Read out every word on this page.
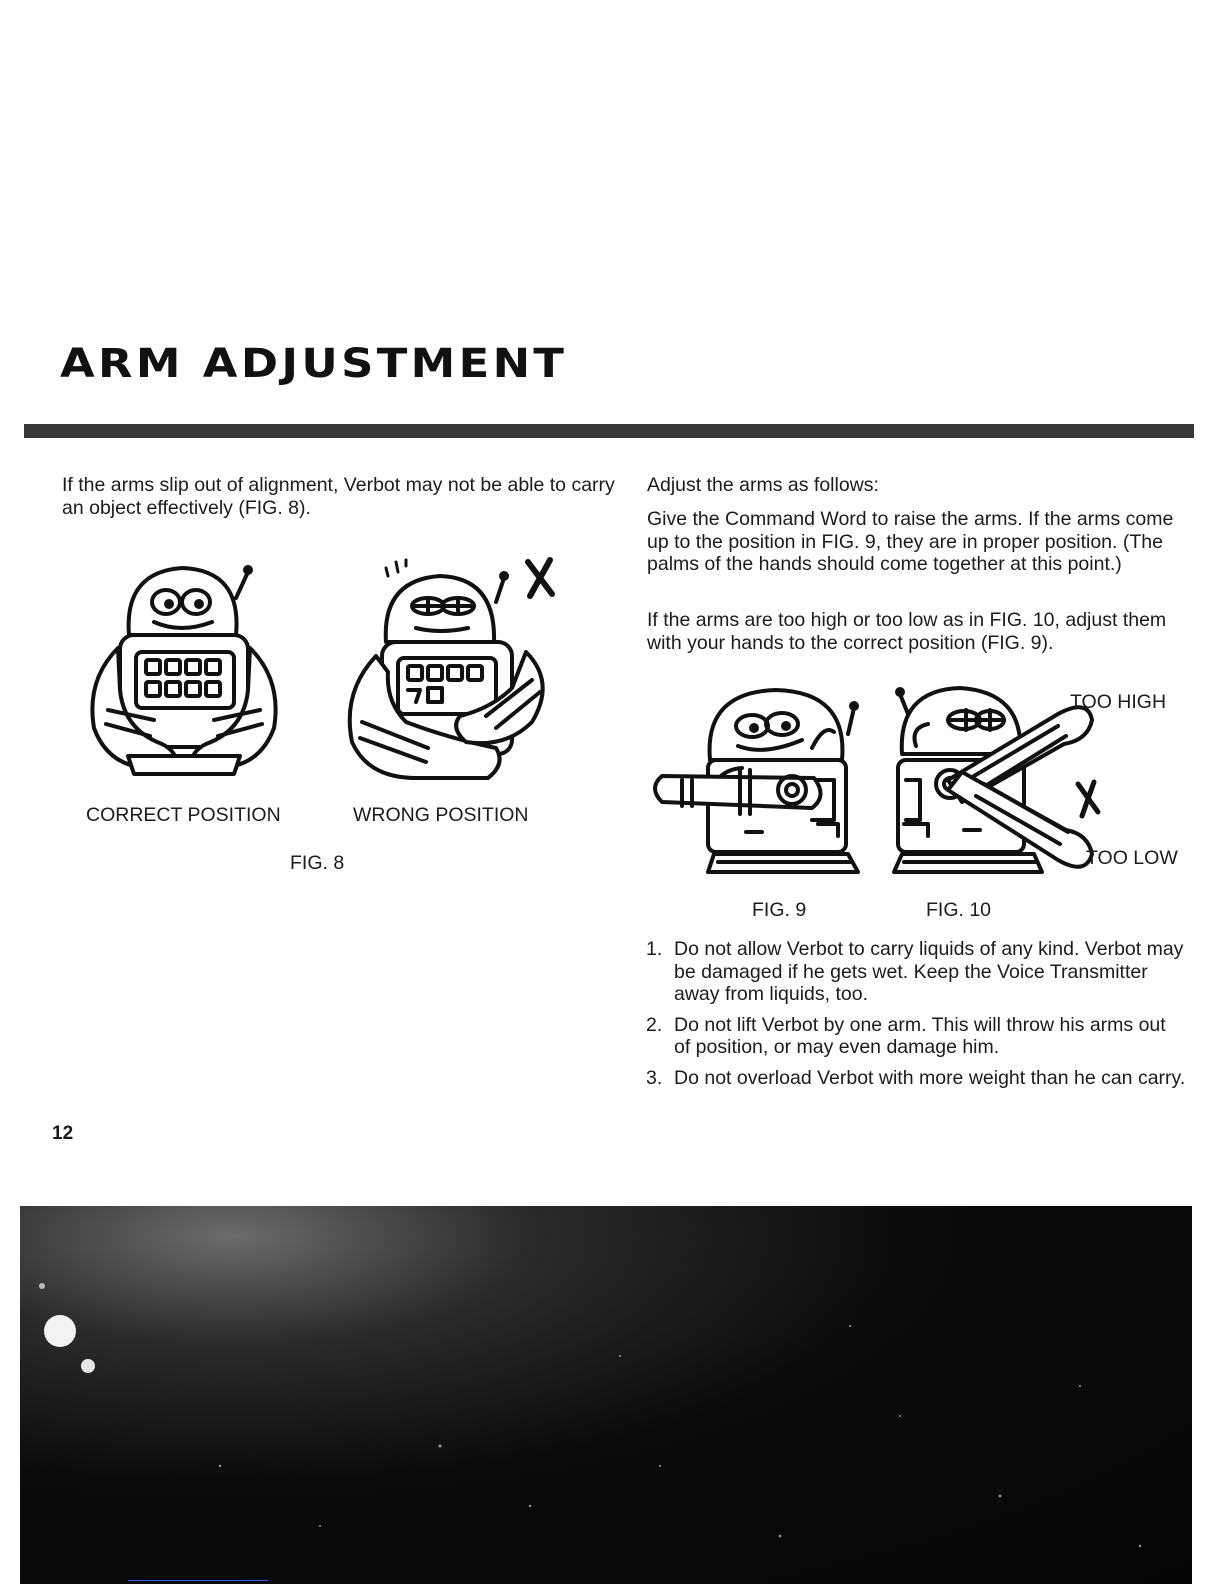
ARM ADJUSTMENT
If the arms slip out of alignment, Verbot may not be able to carry an object effectively (FIG. 8).
CORRECT POSITION	WRONG POSITION
FIG. 8
Adjust the arms as follows:
Give the Command Word to raise the arms. If the arms come up to the position in FIG. 9, they are in proper position. (The palms of the hands should come together at this point.)
If the arms are too high or too low as in FIG. 10, adjust them with your hands to the correct position (FIG. 9).
TOO HIGH
TOO LOW
FIG. 9	FIG. 10
1. Do not allow Verbot to carry liquids of any kind. Verbot may be damaged if he gets wet. Keep the Voice Transmitter away from liquids, too.
2. Do not lift Verbot by one arm. This will throw his arms out of position, or may even damage him.
3. Do not overload Verbot with more weight than he can carry.
12
